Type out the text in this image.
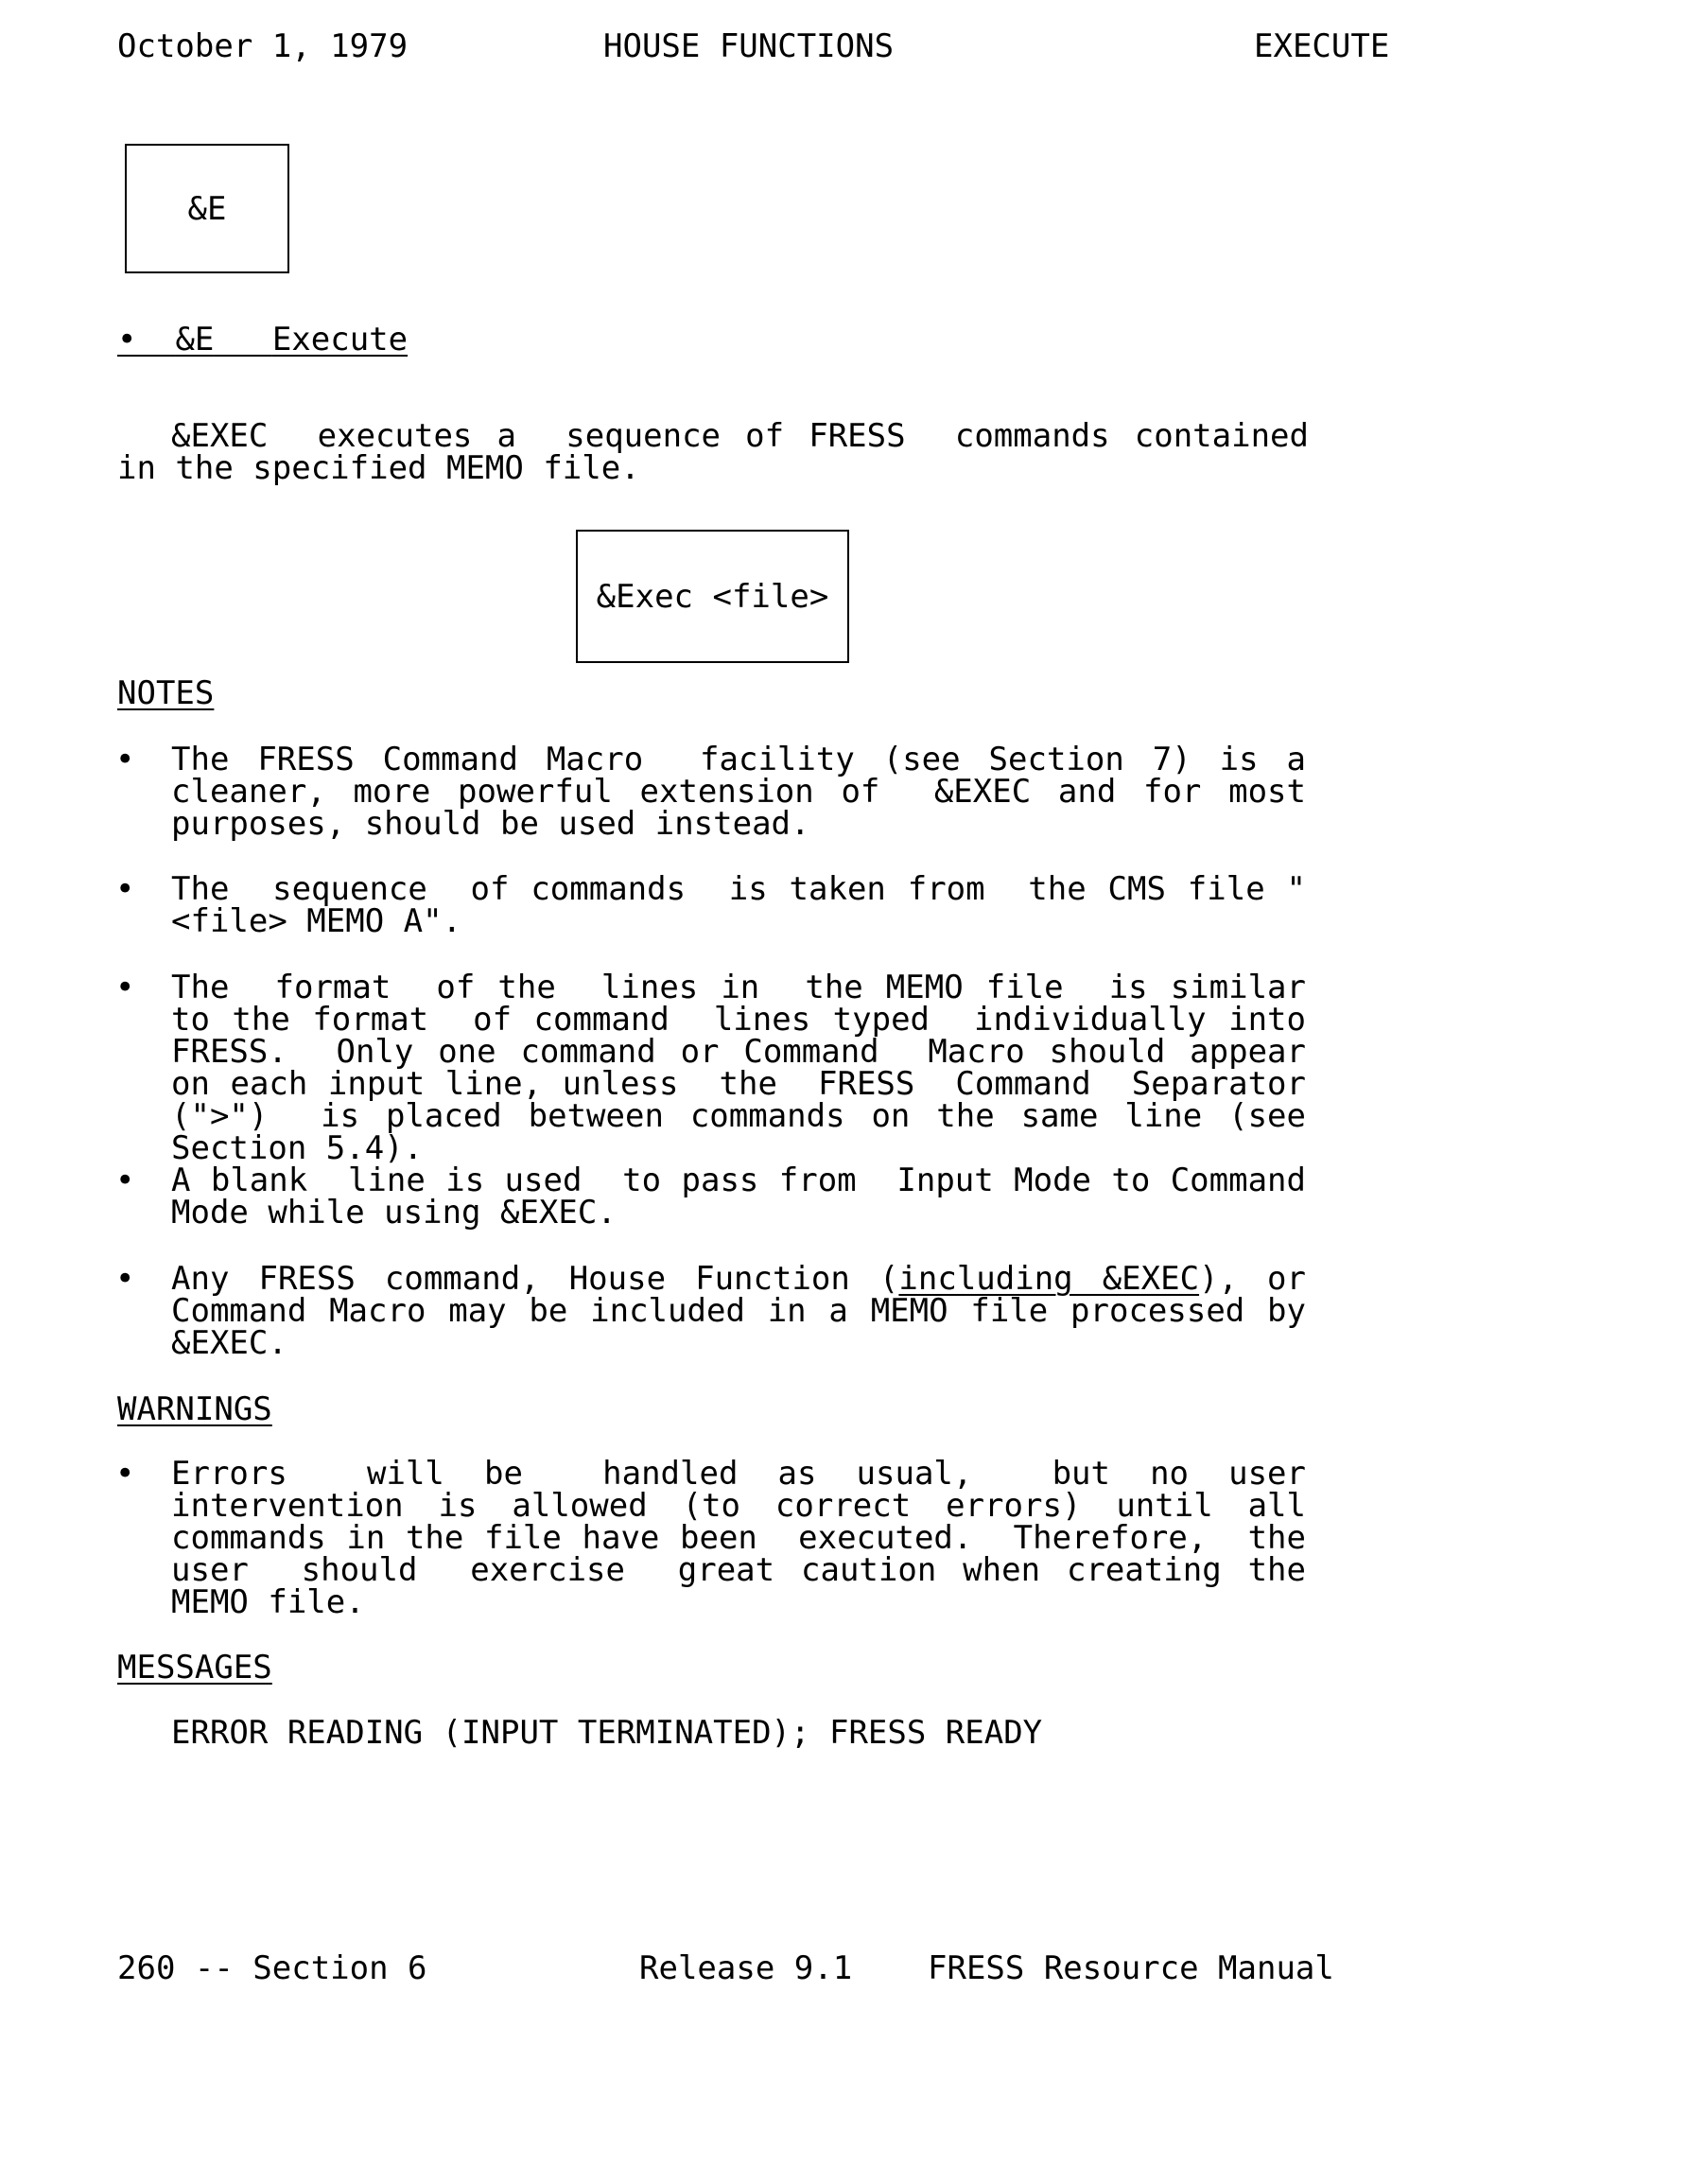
October 1, 1979	HOUSE FUNCTIONS	EXECUTE
&E
• &E Execute
&EXEC  executes a  sequence of FRESS  commands contained in the specified MEMO file.
&Exec <file>
NOTES
• The FRESS Command Macro  facility (see Section 7) is a cleaner, more powerful extension of  &EXEC and for most purposes, should be used instead.
• The  sequence  of commands  is taken from  the CMS file "<file> MEMO A".
• The  format  of the  lines in  the MEMO file  is similar to the format  of command  lines typed  individually into FRESS.  Only one command or Command  Macro should appear on each input line, unless  the  FRESS  Command  Separator (">")  is placed between commands on the same line (see Section 5.4).
• A blank  line is used  to pass from  Input Mode to Command Mode while using &EXEC.
• Any FRESS command, House Function (including &EXEC), or Command Macro may be included in a MEMO file processed by &EXEC.
WARNINGS
• Errors  will be  handled as usual,  but no user intervention is allowed (to correct errors) until all commands in the file have been  executed.  Therefore,  the  user  should  exercise  great caution when creating the MEMO file.
MESSAGES
ERROR READING (INPUT TERMINATED); FRESS READY
260 -- Section 6	Release 9.1 FRESS Resource Manual
